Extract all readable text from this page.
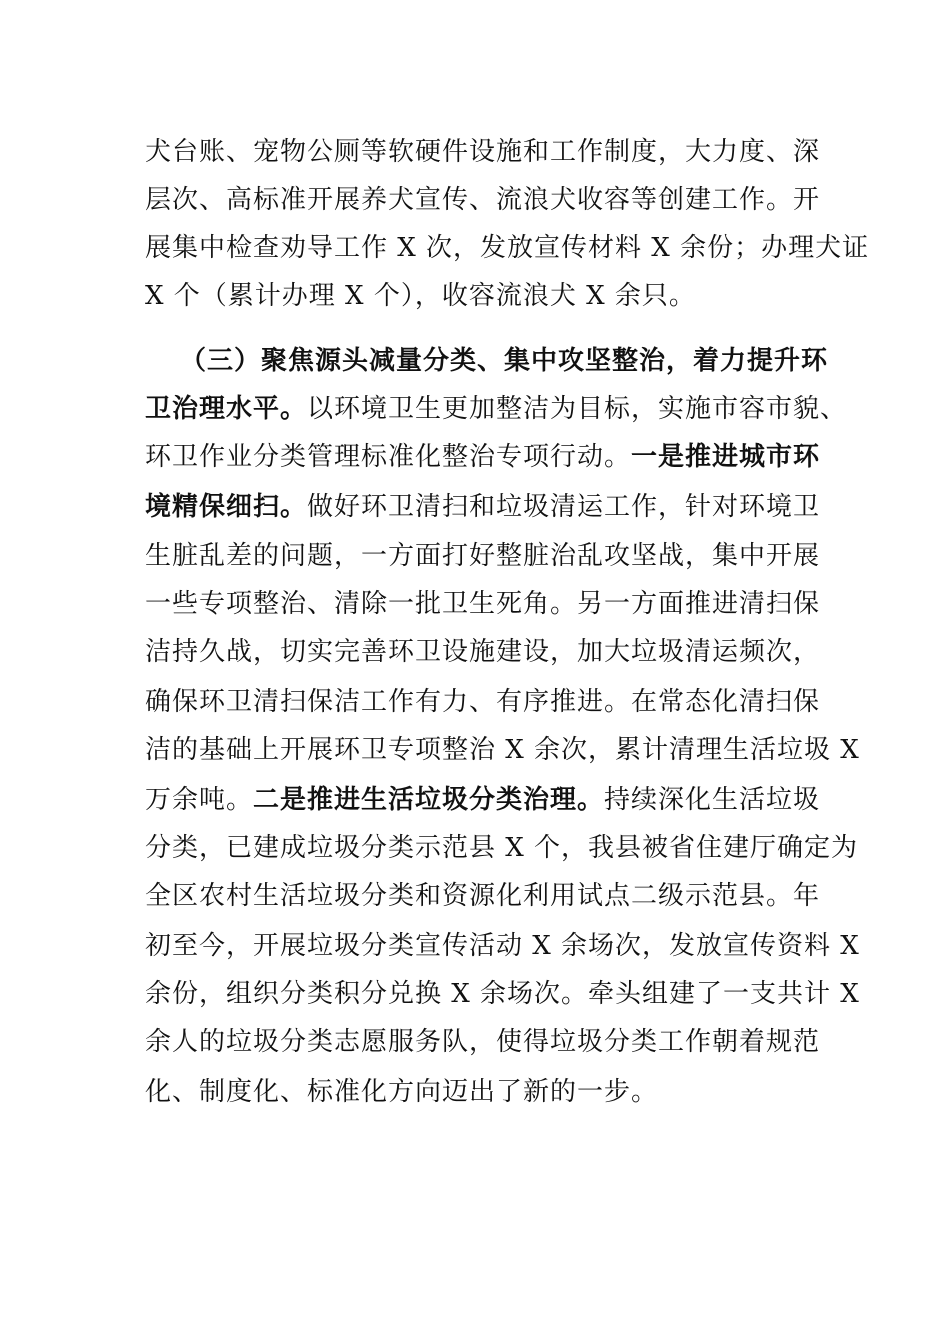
犬台账、宠物公厕等软硬件设施和工作制度，大力度、深
层次、高标准开展养犬宣传、流浪犬收容等创建工作。开
展集中检查劝导工作 X 次，发放宣传材料 X 余份；办理犬证
X 个（累计办理 X 个），收容流浪犬 X 余只。
（三）聚焦源头减量分类、集中攻坚整治，着力提升环
卫治理水平。以环境卫生更加整洁为目标，实施市容市貌、
环卫作业分类管理标准化整治专项行动。一是推进城市环
境精保细扫。做好环卫清扫和垃圾清运工作，针对环境卫
生脏乱差的问题，一方面打好整脏治乱攻坚战，集中开展
一些专项整治、清除一批卫生死角。另一方面推进清扫保
洁持久战，切实完善环卫设施建设，加大垃圾清运频次，
确保环卫清扫保洁工作有力、有序推进。在常态化清扫保
洁的基础上开展环卫专项整治 X 余次，累计清理生活垃圾 X
万余吨。二是推进生活垃圾分类治理。持续深化生活垃圾
分类，已建成垃圾分类示范县 X 个，我县被省住建厅确定为
全区农村生活垃圾分类和资源化利用试点二级示范县。年
初至今，开展垃圾分类宣传活动 X 余场次，发放宣传资料 X
余份，组织分类积分兑换 X 余场次。牵头组建了一支共计 X
余人的垃圾分类志愿服务队，使得垃圾分类工作朝着规范
化、制度化、标准化方向迈出了新的一步。
